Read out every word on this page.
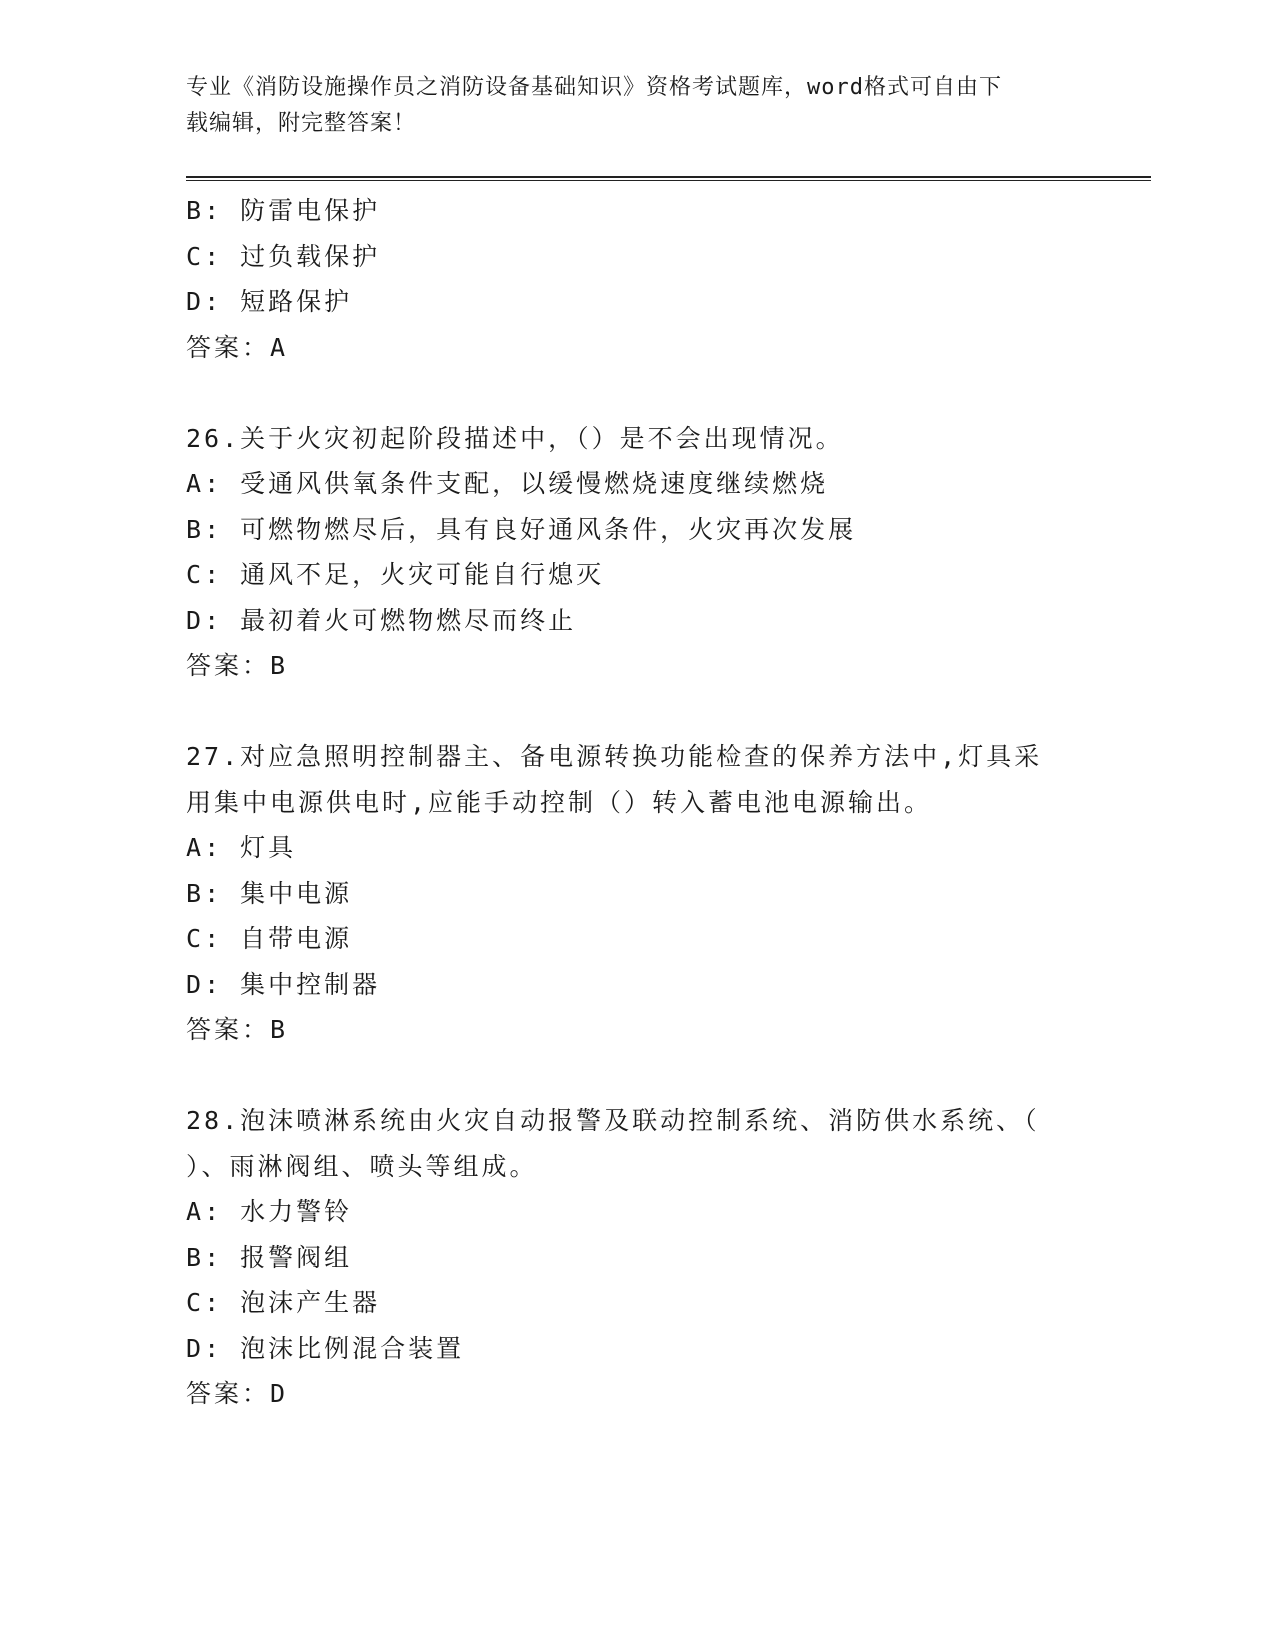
专业《消防设施操作员之消防设备基础知识》资格考试题库，word格式可自由下
载编辑，附完整答案！
B: 防雷电保护
C: 过负载保护
D: 短路保护
答案：A
26.关于火灾初起阶段描述中，（）是不会出现情况。
A: 受通风供氧条件支配，以缓慢燃烧速度继续燃烧
B: 可燃物燃尽后，具有良好通风条件，火灾再次发展
C: 通风不足，火灾可能自行熄灭
D: 最初着火可燃物燃尽而终止
答案：B
27.对应急照明控制器主、备电源转换功能检查的保养方法中,灯具采
用集中电源供电时,应能手动控制（）转入蓄电池电源输出。
A: 灯具
B: 集中电源
C: 自带电源
D: 集中控制器
答案：B
28.泡沫喷淋系统由火灾自动报警及联动控制系统、消防供水系统、（
）、雨淋阀组、喷头等组成。
A: 水力警铃
B: 报警阀组
C: 泡沫产生器
D: 泡沫比例混合装置
答案：D
